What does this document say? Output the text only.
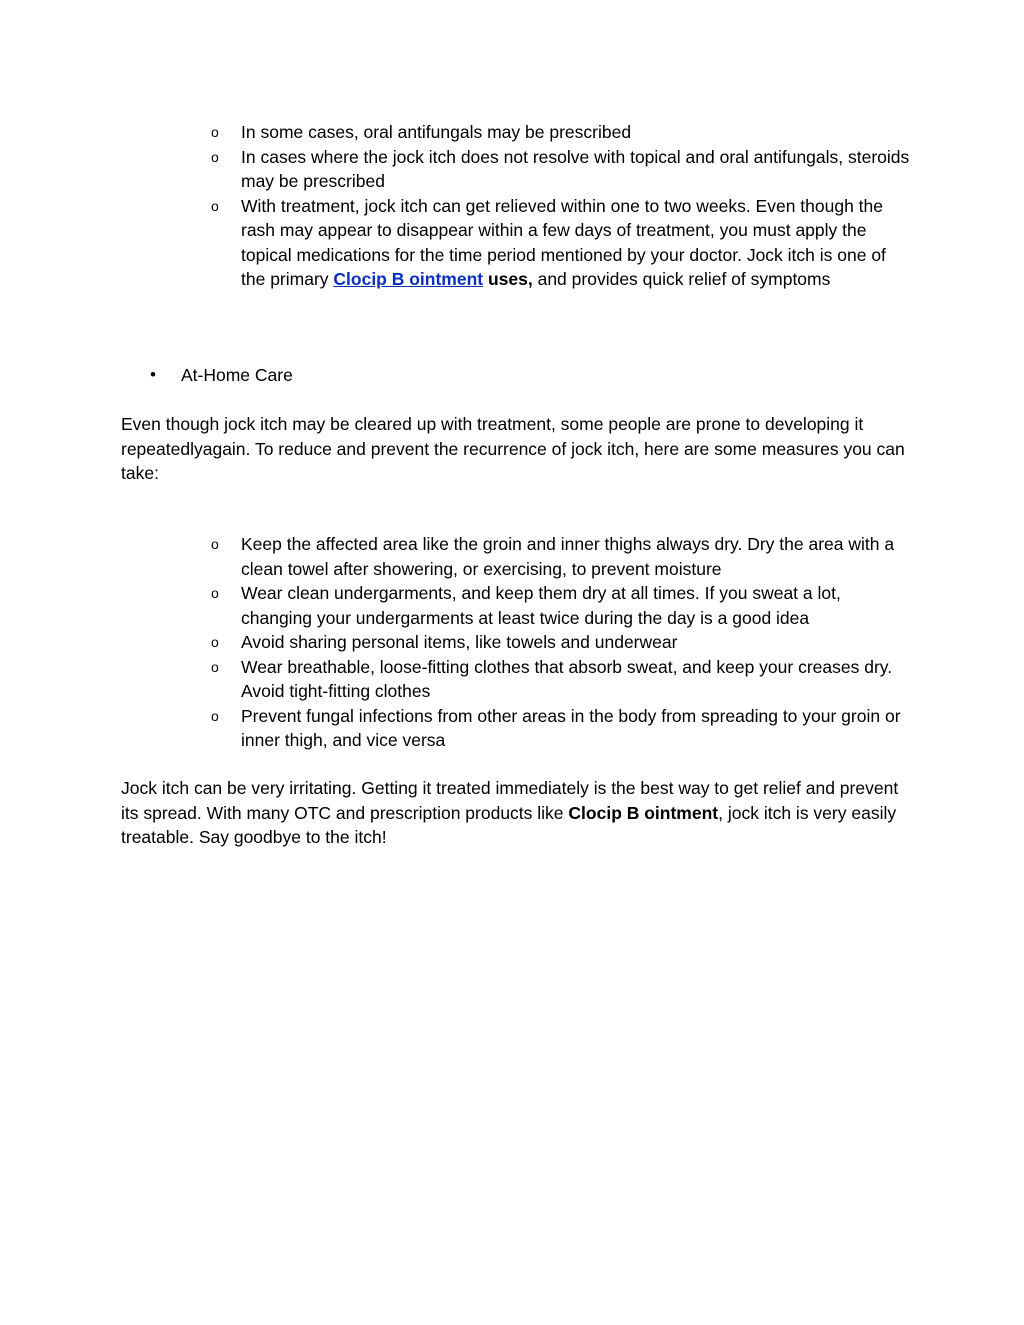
o In some cases, oral antifungals may be prescribed
o In cases where the jock itch does not resolve with topical and oral antifungals, steroids may be prescribed
o With treatment, jock itch can get relieved within one to two weeks. Even though the rash may appear to disappear within a few days of treatment, you must apply the topical medications for the time period mentioned by your doctor. Jock itch is one of the primary Clocip B ointment uses, and provides quick relief of symptoms
• At-Home Care

Even though jock itch may be cleared up with treatment, some people are prone to developing it repeatedlyagain. To reduce and prevent the recurrence of jock itch, here are some measures you can take:

o Keep the affected area like the groin and inner thighs always dry. Dry the area with a clean towel after showering, or exercising, to prevent moisture
o Wear clean undergarments, and keep them dry at all times. If you sweat a lot, changing your undergarments at least twice during the day is a good idea
o Avoid sharing personal items, like towels and underwear
o Wear breathable, loose-fitting clothes that absorb sweat, and keep your creases dry. Avoid tight-fitting clothes
o Prevent fungal infections from other areas in the body from spreading to your groin or inner thigh, and vice versa

Jock itch can be very irritating. Getting it treated immediately is the best way to get relief and prevent its spread. With many OTC and prescription products like Clocip B ointment, jock itch is very easily treatable. Say goodbye to the itch!
